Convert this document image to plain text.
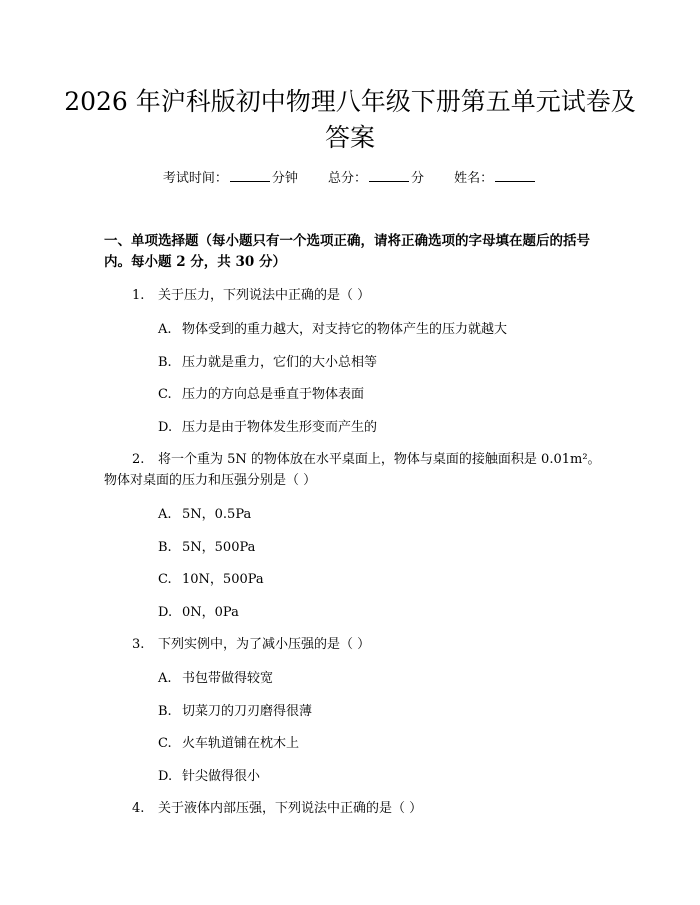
2026 年沪科版初中物理八年级下册第五单元试卷及答案
考试时间：	分钟 总分：	分 姓名：

一、单项选择题（每小题只有一个选项正确，请将正确选项的字母填在题后的括号内。每小题 2 分，共 30 分）

1. 关于压力，下列说法中正确的是（ ）
A. 物体受到的重力越大，对支持它的物体产生的压力就越大
B. 压力就是重力，它们的大小总相等
C. 压力的方向总是垂直于物体表面
D. 压力是由于物体发生形变而产生的
2. 将一个重为 5N 的物体放在水平桌面上，物体与桌面的接触面积是 0.01m²。物体对桌面的压力和压强分别是（ ）
A. 5N，0.5Pa
B. 5N，500Pa
C. 10N，500Pa
D. 0N，0Pa
3. 下列实例中，为了减小压强的是（ ）
A. 书包带做得较宽
B. 切菜刀的刀刃磨得很薄
C. 火车轨道铺在枕木上
D. 针尖做得很小
4. 关于液体内部压强，下列说法中正确的是（ ）
